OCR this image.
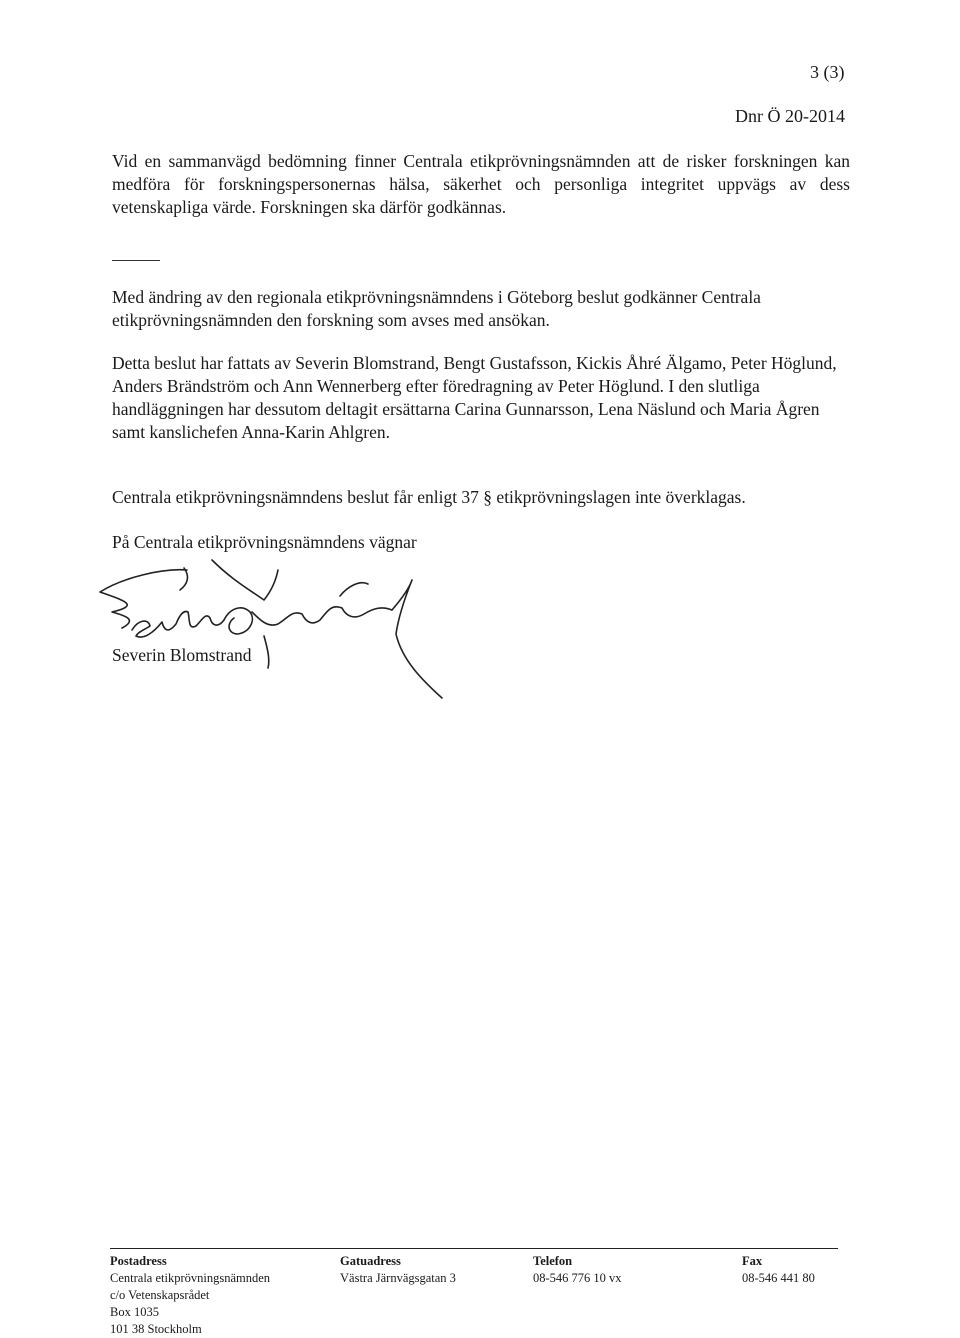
3 (3)
Dnr Ö 20-2014

Vid en sammanvägd bedömning finner Centrala etikprövningsnämnden att de risker forskningen kan medföra för forskningspersonernas hälsa, säkerhet och personliga integritet uppvägs av dess vetenskapliga värde. Forskningen ska därför godkännas.

Med ändring av den regionala etikprövningsnämndens i Göteborg beslut godkänner Centrala etikprövningsnämnden den forskning som avses med ansökan.

Detta beslut har fattats av Severin Blomstrand, Bengt Gustafsson, Kickis Åhré Älgamo, Peter Höglund, Anders Brändström och Ann Wennerberg efter föredragning av Peter Höglund. I den slutliga handläggningen har dessutom deltagit ersättarna Carina Gunnarsson, Lena Näslund och Maria Ågren samt kanslichefen Anna-Karin Ahlgren.

Centrala etikprövningsnämndens beslut får enligt 37 § etikprövningslagen inte överklagas.

På Centrala etikprövningsnämndens vägnar
Severin Blomstrand
Postadress
Centrala etikprövningsnämnden
c/o Vetenskapsrådet
Box 1035
101 38 Stockholm
Gatuadress
Västra Järnvägsgatan 3
Telefon
08-546 776 10 vx
Fax
08-546 441 80
